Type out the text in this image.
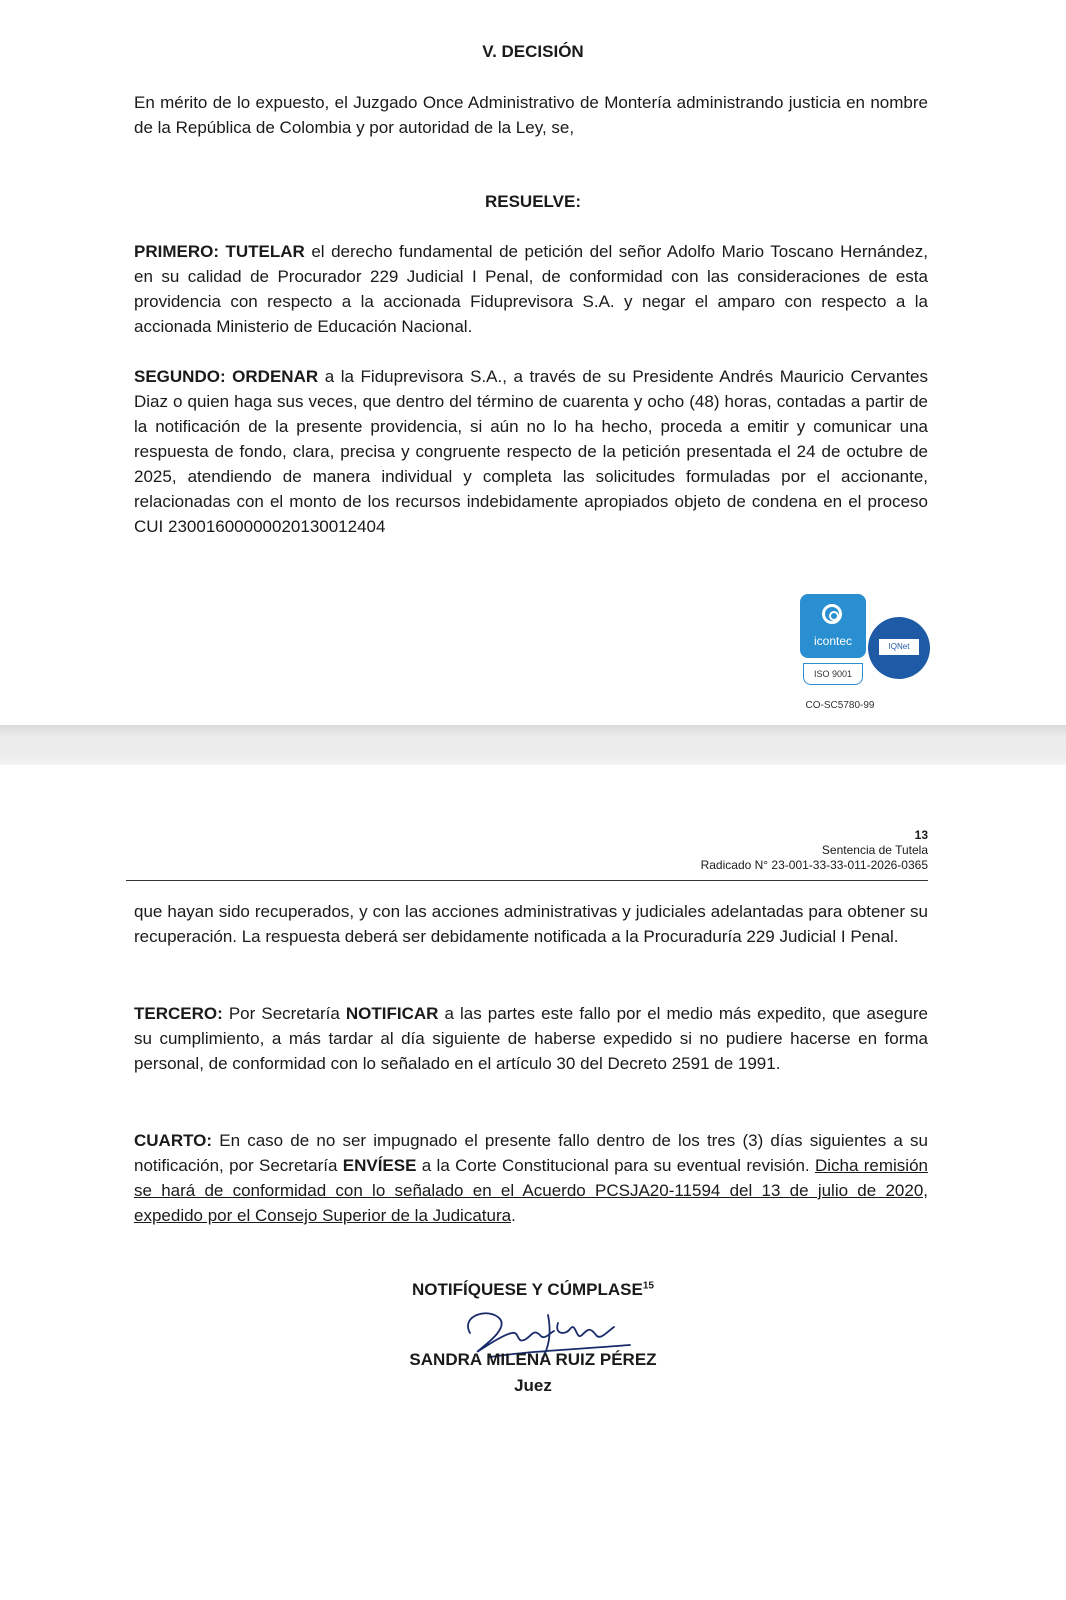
V. DECISIÓN

En mérito de lo expuesto, el Juzgado Once Administrativo de Montería administrando justicia en nombre de la República de Colombia y por autoridad de la Ley, se,

RESUELVE:

PRIMERO: TUTELAR el derecho fundamental de petición del señor Adolfo Mario Toscano Hernández, en su calidad de Procurador 229 Judicial I Penal, de conformidad con las consideraciones de esta providencia con respecto a la accionada Fiduprevisora S.A. y negar el amparo con respecto a la accionada Ministerio de Educación Nacional.

SEGUNDO: ORDENAR a la Fiduprevisora S.A., a través de su Presidente Andrés Mauricio Cervantes Diaz o quien haga sus veces, que dentro del término de cuarenta y ocho (48) horas, contadas a partir de la notificación de la presente providencia, si aún no lo ha hecho, proceda a emitir y comunicar una respuesta de fondo, clara, precisa y congruente respecto de la petición presentada el 24 de octubre de 2025, atendiendo de manera individual y completa las solicitudes formuladas por el accionante, relacionadas con el monto de los recursos indebidamente apropiados objeto de condena en el proceso CUI 23001600000020130012404

icontec
ISO 9001
IQNet
CO-SC5780-99

13

Sentencia de Tutela

Radicado N° 23-001-33-33-011-2026-0365

que hayan sido recuperados, y con las acciones administrativas y judiciales adelantadas para obtener su recuperación. La respuesta deberá ser debidamente notificada a la Procuraduría 229 Judicial I Penal.

TERCERO: Por Secretaría NOTIFICAR a las partes este fallo por el medio más expedito, que asegure su cumplimiento, a más tardar al día siguiente de haberse expedido si no pudiere hacerse en forma personal, de conformidad con lo señalado en el artículo 30 del Decreto 2591 de 1991.

CUARTO: En caso de no ser impugnado el presente fallo dentro de los tres (3) días siguientes a su notificación, por Secretaría ENVÍESE a la Corte Constitucional para su eventual revisión. Dicha remisión se hará de conformidad con lo señalado en el Acuerdo PCSJA20-11594 del 13 de julio de 2020, expedido por el Consejo Superior de la Judicatura.

NOTIFÍQUESE Y CÚMPLASE$^{15}$
SANDRA MILENA RUIZ PÉREZ
Juez
